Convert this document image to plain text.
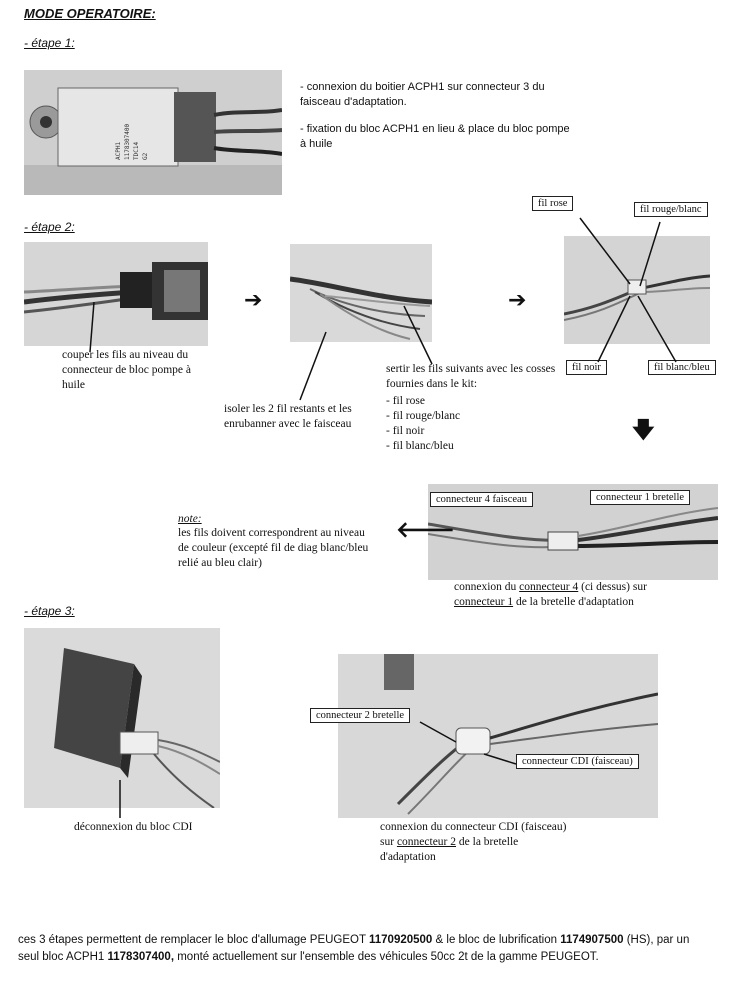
MODE OPERATOIRE:
- étape 1:
ACPH1 1178307400 TDC14 G2
- connexion du boitier ACPH1 sur connecteur 3 du faisceau d'adaptation.
- fixation du bloc ACPH1 en lieu & place du bloc pompe à huile
- étape 2:
➔	➔
fil rose
fil rouge/blanc
fil noir	fil blanc/bleu
couper les fils au niveau du connecteur de bloc pompe à huile
isoler les 2 fil restants et les enrubanner avec le faisceau
sertir les fils suivants avec les cosses fournies dans le kit:
- fil rose
- fil rouge/blanc
- fil noir
- fil blanc/bleu
🡇
connecteur 4 faisceau	connecteur 1 bretelle
🡐
note:
les fils doivent correspondrent au niveau de couleur (excepté fil de diag blanc/bleu relié au bleu clair)
connexion du connecteur 4 (ci dessus) sur
connecteur 1 de la bretelle d'adaptation
- étape 3:
déconnexion du bloc CDI
connecteur 2 bretelle
connecteur CDI (faisceau)
connexion du connecteur CDI (faisceau) sur connecteur 2 de la bretelle d'adaptation
ces 3 étapes permettent de remplacer le bloc d'allumage PEUGEOT 1170920500 & le bloc de lubrification 1174907500 (HS), par un seul bloc ACPH1 1178307400, monté actuellement sur l'ensemble des véhicules 50cc 2t de la gamme PEUGEOT.
